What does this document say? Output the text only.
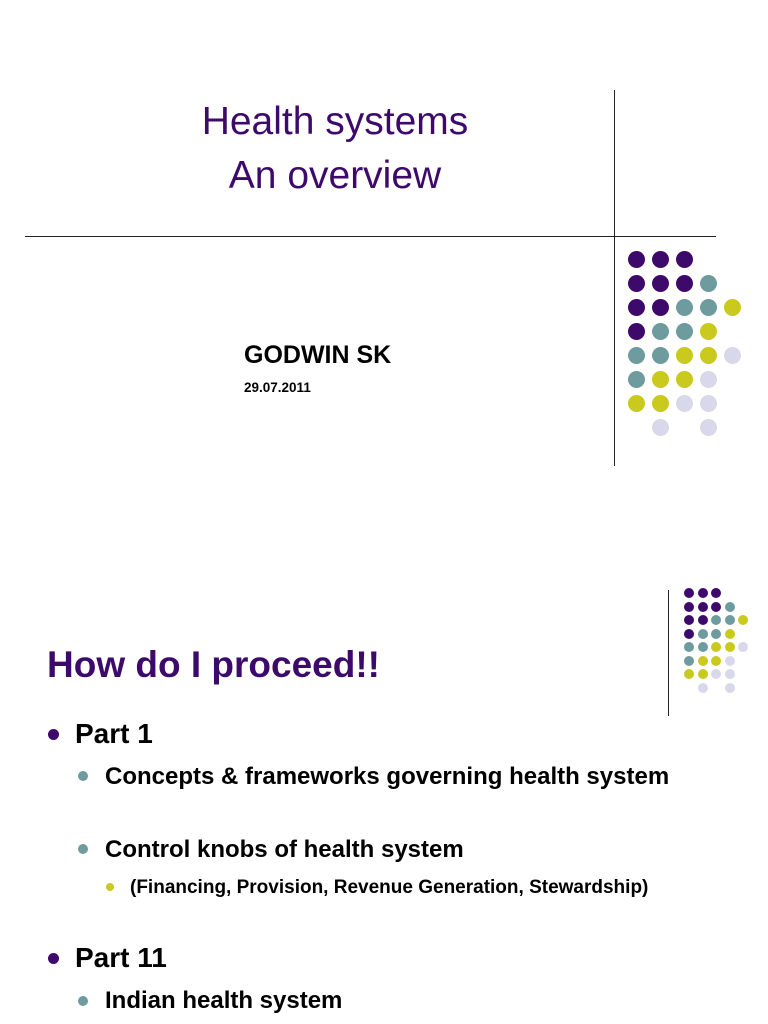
Health systems
An overview
GODWIN SK
29.07.2011
How do I proceed!!
Part 1
Concepts & frameworks governing health system
Control knobs of health system
(Financing, Provision, Revenue Generation, Stewardship)
Part 11
Indian health system
